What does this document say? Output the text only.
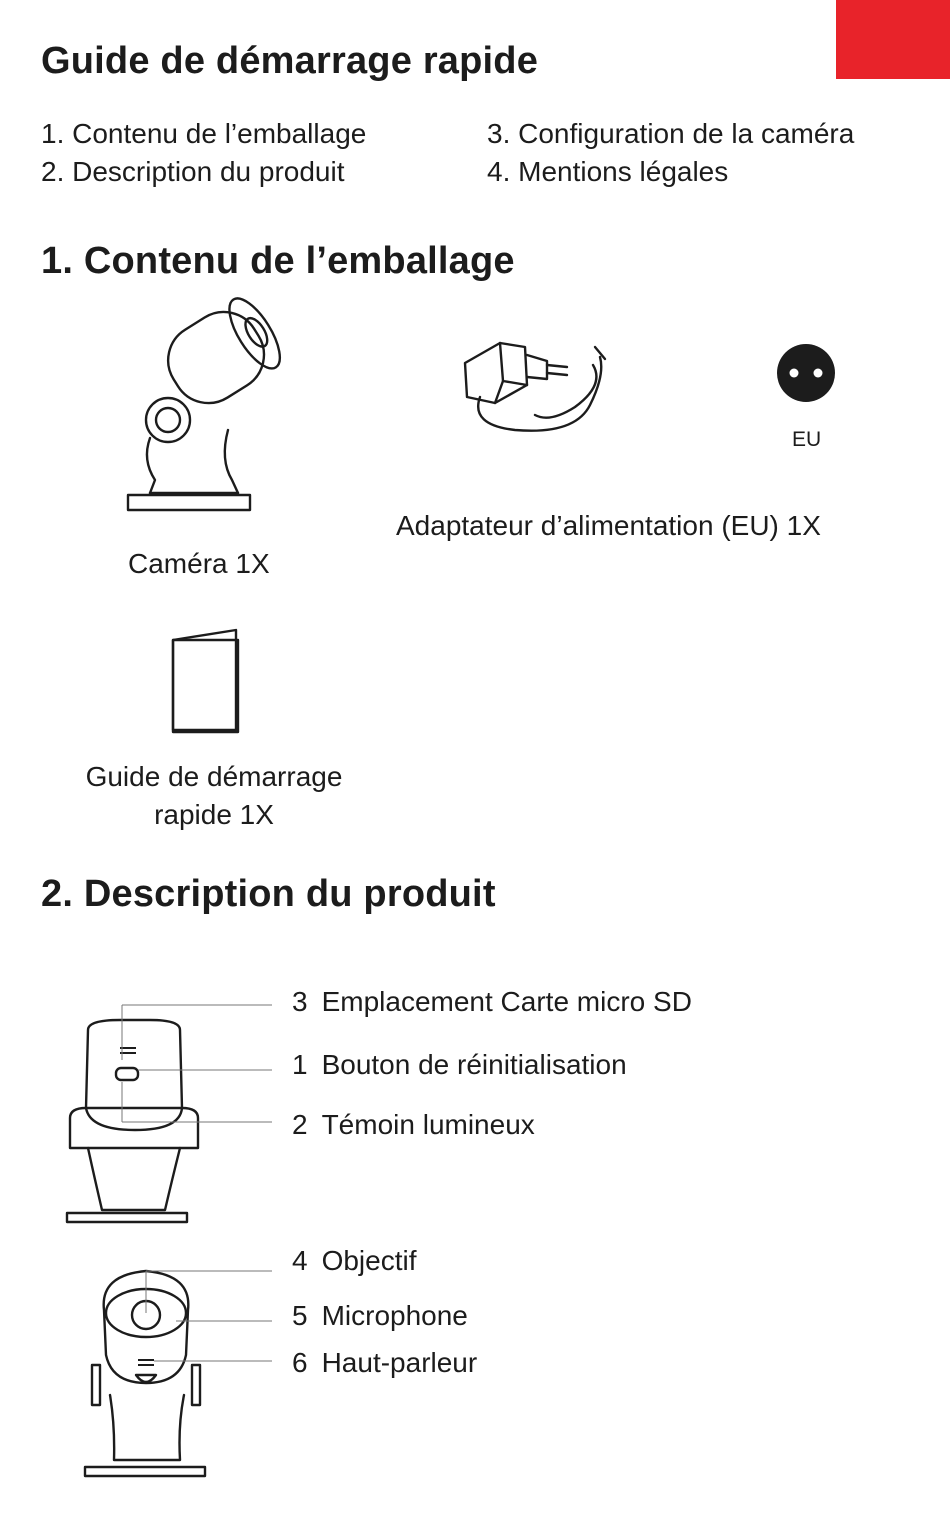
Guide de démarrage rapide
1. Contenu de l’emballage
2. Description du produit
3. Configuration de la caméra
4. Mentions légales
1. Contenu de l’emballage
Caméra 1X
EU
Adaptateur d’alimentation (EU) 1X
Guide de démarrage
rapide 1X
2. Description du produit
3 Emplacement Carte micro SD
1 Bouton de réinitialisation
2 Témoin lumineux
4 Objectif
5 Microphone
6 Haut-parleur
